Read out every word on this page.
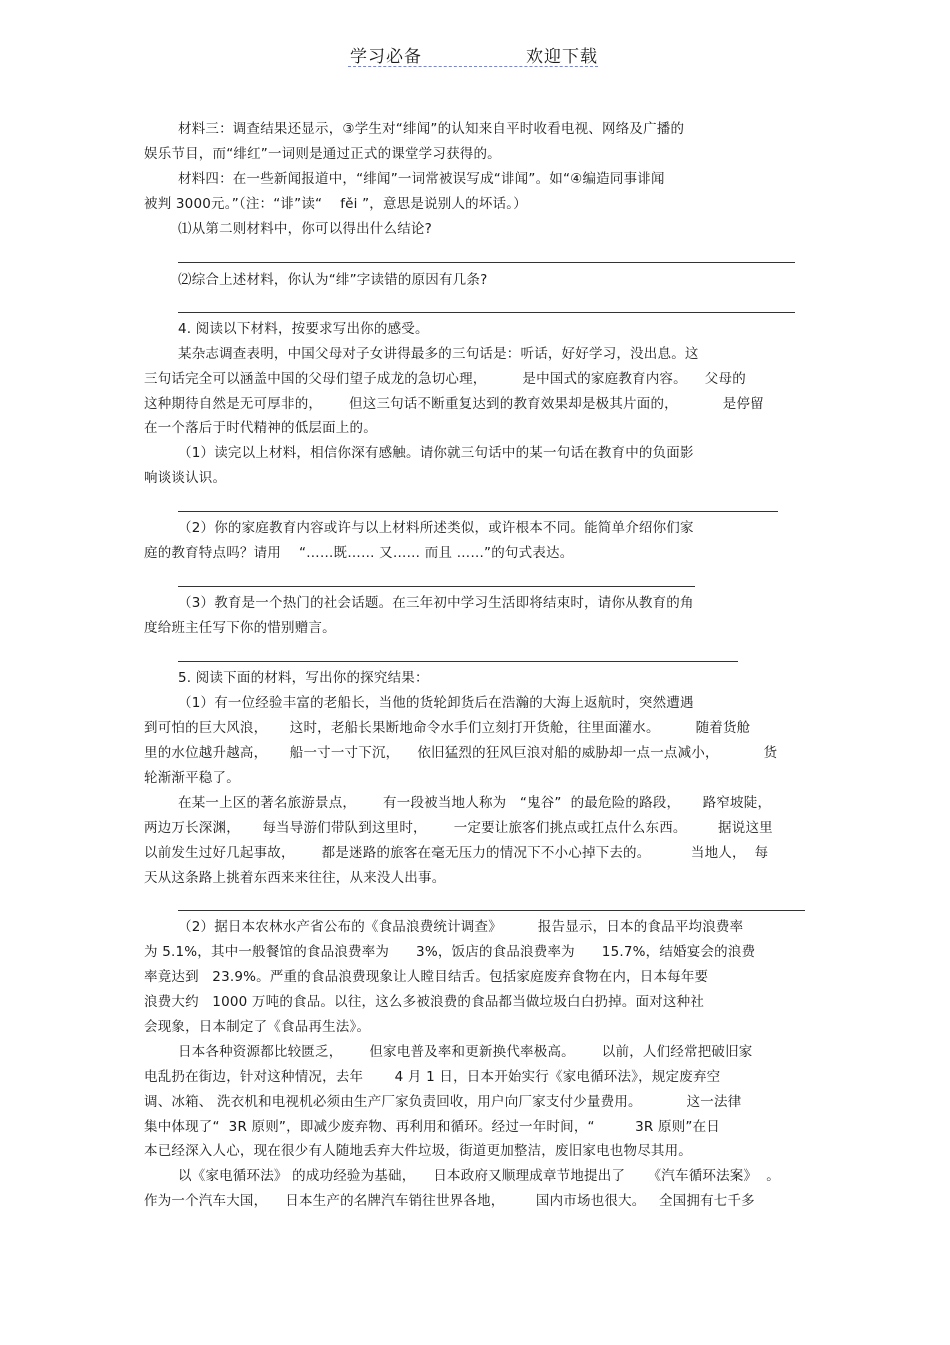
学习必备	欢迎下载
材料三：调查结果还显示，③学生对“绯闻”的认知来自平时收看电视、网络及广播的
娱乐节目，而“绯红”一词则是通过正式的课堂学习获得的。
材料四：在一些新闻报道中，“绯闻”一词常被误写成“诽闻”。如“④编造同事诽闻
被判 3000元。”（注：“诽”读“    fěi ”，意思是说别人的坏话。）
⑴从第二则材料中，你可以得出什么结论?
⑵综合上述材料，你认为“绯”字读错的原因有几条?
4. 阅读以下材料，按要求写出你的感受。
某杂志调查表明，中国父母对子女讲得最多的三句话是：听话，好好学习，没出息。这
三句话完全可以涵盖中国的父母们望子成龙的急切心理，        是中国式的家庭教育内容。    父母的
这种期待自然是无可厚非的，      但这三句话不断重复达到的教育效果却是极其片面的，          是停留
在一个落后于时代精神的低层面上的。
（1）读完以上材料，相信你深有感触。请你就三句话中的某一句话在教育中的负面影
响谈谈认识。
（2）你的家庭教育内容或许与以上材料所述类似，或许根本不同。能简单介绍你们家
庭的教育特点吗？请用    “……既…… 又…… 而且 ……”的句式表达。
（3）教育是一个热门的社会话题。在三年初中学习生活即将结束时，请你从教育的角
度给班主任写下你的惜别赠言。
5. 阅读下面的材料，写出你的探究结果：
（1）有一位经验丰富的老船长，当他的货轮卸货后在浩瀚的大海上返航时，突然遭遇
到可怕的巨大风浪，     这时，老船长果断地命令水手们立刻打开货舱，往里面灌水。        随着货舱
里的水位越升越高，     船一寸一寸下沉，    依旧猛烈的狂风巨浪对船的威胁却一点一点减小，          货
轮渐渐平稳了。
在某一上区的著名旅游景点，      有一段被当地人称为   “鬼谷”  的最危险的路段，     路窄坡陡，
两边万长深渊，     每当导游们带队到这里时，      一定要让旅客们挑点或扛点什么东西。       据说这里
以前发生过好几起事故，      都是迷路的旅客在毫无压力的情况下不小心掉下去的。         当地人，  每
天从这条路上挑着东西来来往往，从来没人出事。
（2）据日本农林水产省公布的《食品浪费统计调查》        报告显示，日本的食品平均浪费率
为 5.1%，其中一般餐馆的食品浪费率为      3%，饭店的食品浪费率为      15.7%，结婚宴会的浪费
率竟达到   23.9%。严重的食品浪费现象让人瞠目结舌。包括家庭废弃食物在内，日本每年要
浪费大约   1000 万吨的食品。以往，这么多被浪费的食品都当做垃圾白白扔掉。面对这种社
会现象，日本制定了《食品再生法》。
日本各种资源都比较匮乏，      但家电普及率和更新换代率极高。      以前，人们经常把破旧家
电乱扔在街边，针对这种情况，去年       4 月 1 日，日本开始实行《家电循环法》，规定废弃空
调、冰箱、 洗衣机和电视机必须由生产厂家负责回收，用户向厂家支付少量费用。          这一法律
集中体现了“  3R 原则”，即减少废弃物、再利用和循环。经过一年时间，“         3R 原则”在日
本已经深入人心，现在很少有人随地丢弃大件垃圾，街道更加整洁，废旧家电也物尽其用。
以《家电循环法》 的成功经验为基础，    日本政府又顺理成章节地提出了     《汽车循环法案》  。
作为一个汽车大国，    日本生产的名牌汽车销往世界各地，       国内市场也很大。   全国拥有七千多
